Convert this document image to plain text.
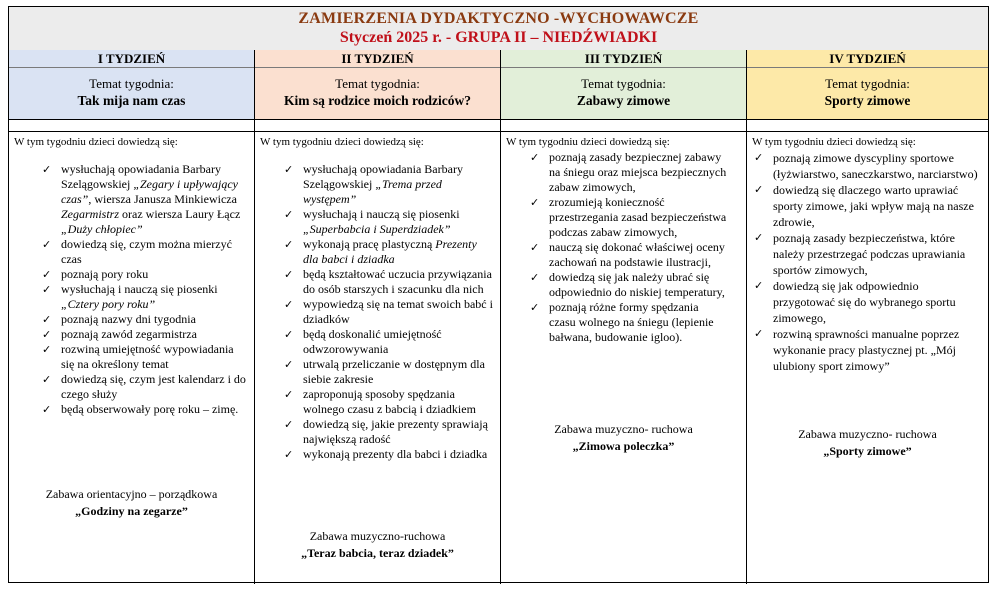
ZAMIERZENIA DYDAKTYCZNO -WYCHOWAWCZE
Styczeń 2025 r. - GRUPA II – NIEDŹWIADKI
I TYDZIEŃ
Temat tygodnia:
Tak mija nam czas
II TYDZIEŃ
Temat tygodnia:
Kim są rodzice moich rodziców?
III TYDZIEŃ
Temat tygodnia:
Zabawy zimowe
IV TYDZIEŃ
Temat tygodnia:
Sporty zimowe
W tym tygodniu dzieci dowiedzą się:
✓ wysłuchają opowiadania Barbary Szelągowskiej „Zegary i upływający czas”, wiersza Janusza Minkiewicza Zegarmistrz oraz wiersza Laury Łącz „Duży chłopiec”
✓ dowiedzą się, czym można mierzyć czas
✓ poznają pory roku
✓ wysłuchają i nauczą się piosenki „Cztery pory roku”
✓ poznają nazwy dni tygodnia
✓ poznają zawód zegarmistrza
✓ rozwiną umiejętność wypowiadania się na określony temat
✓ dowiedzą się, czym jest kalendarz i do czego służy
✓ będą obserwowały porę roku – zimę.
Zabawa orientacyjno – porządkowa
„Godziny na zegarze”
W tym tygodniu dzieci dowiedzą się:
✓ wysłuchają opowiadania Barbary Szelągowskiej „Trema przed występem”
✓ wysłuchają i nauczą się piosenki „Superbabcia i Superdziadek”
✓ wykonają pracę plastyczną Prezenty dla babci i dziadka
✓ będą kształtować uczucia przywiązania do osób starszych i szacunku dla nich
✓ wypowiedzą się na temat swoich babć i dziadków
✓ będą doskonalić umiejętność odwzorowywania
✓ utrwalą przeliczanie w dostępnym dla siebie zakresie
✓ zaproponują sposoby spędzania wolnego czasu z babcią i dziadkiem
✓ dowiedzą się, jakie prezenty sprawiają największą radość
✓ wykonają prezenty dla babci i dziadka
Zabawa muzyczno-ruchowa
„Teraz babcia, teraz dziadek”
W tym tygodniu dzieci dowiedzą się:
✓ poznają zasady bezpiecznej zabawy na śniegu oraz miejsca bezpiecznych zabaw zimowych,
✓ zrozumieją konieczność przestrzegania zasad bezpieczeństwa podczas zabaw zimowych,
✓ nauczą się dokonać właściwej oceny zachowań na podstawie ilustracji,
✓ dowiedzą się jak należy ubrać się odpowiednio do niskiej temperatury,
✓ poznają różne formy spędzania czasu wolnego na śniegu (lepienie bałwana, budowanie igloo).
Zabawa muzyczno- ruchowa
„Zimowa poleczka”
W tym tygodniu dzieci dowiedzą się:
✓ poznają zimowe dyscypliny sportowe (łyżwiarstwo, saneczkarstwo, narciarstwo)
✓ dowiedzą się dlaczego warto uprawiać sporty zimowe, jaki wpływ mają na nasze zdrowie,
✓ poznają zasady bezpieczeństwa, które należy przestrzegać podczas uprawiania sportów zimowych,
✓ dowiedzą się jak odpowiednio przygotować się do wybranego sportu zimowego,
✓ rozwiną sprawności manualne poprzez wykonanie pracy plastycznej pt. „Mój ulubiony sport zimowy”
Zabawa muzyczno- ruchowa
„Sporty zimowe”
